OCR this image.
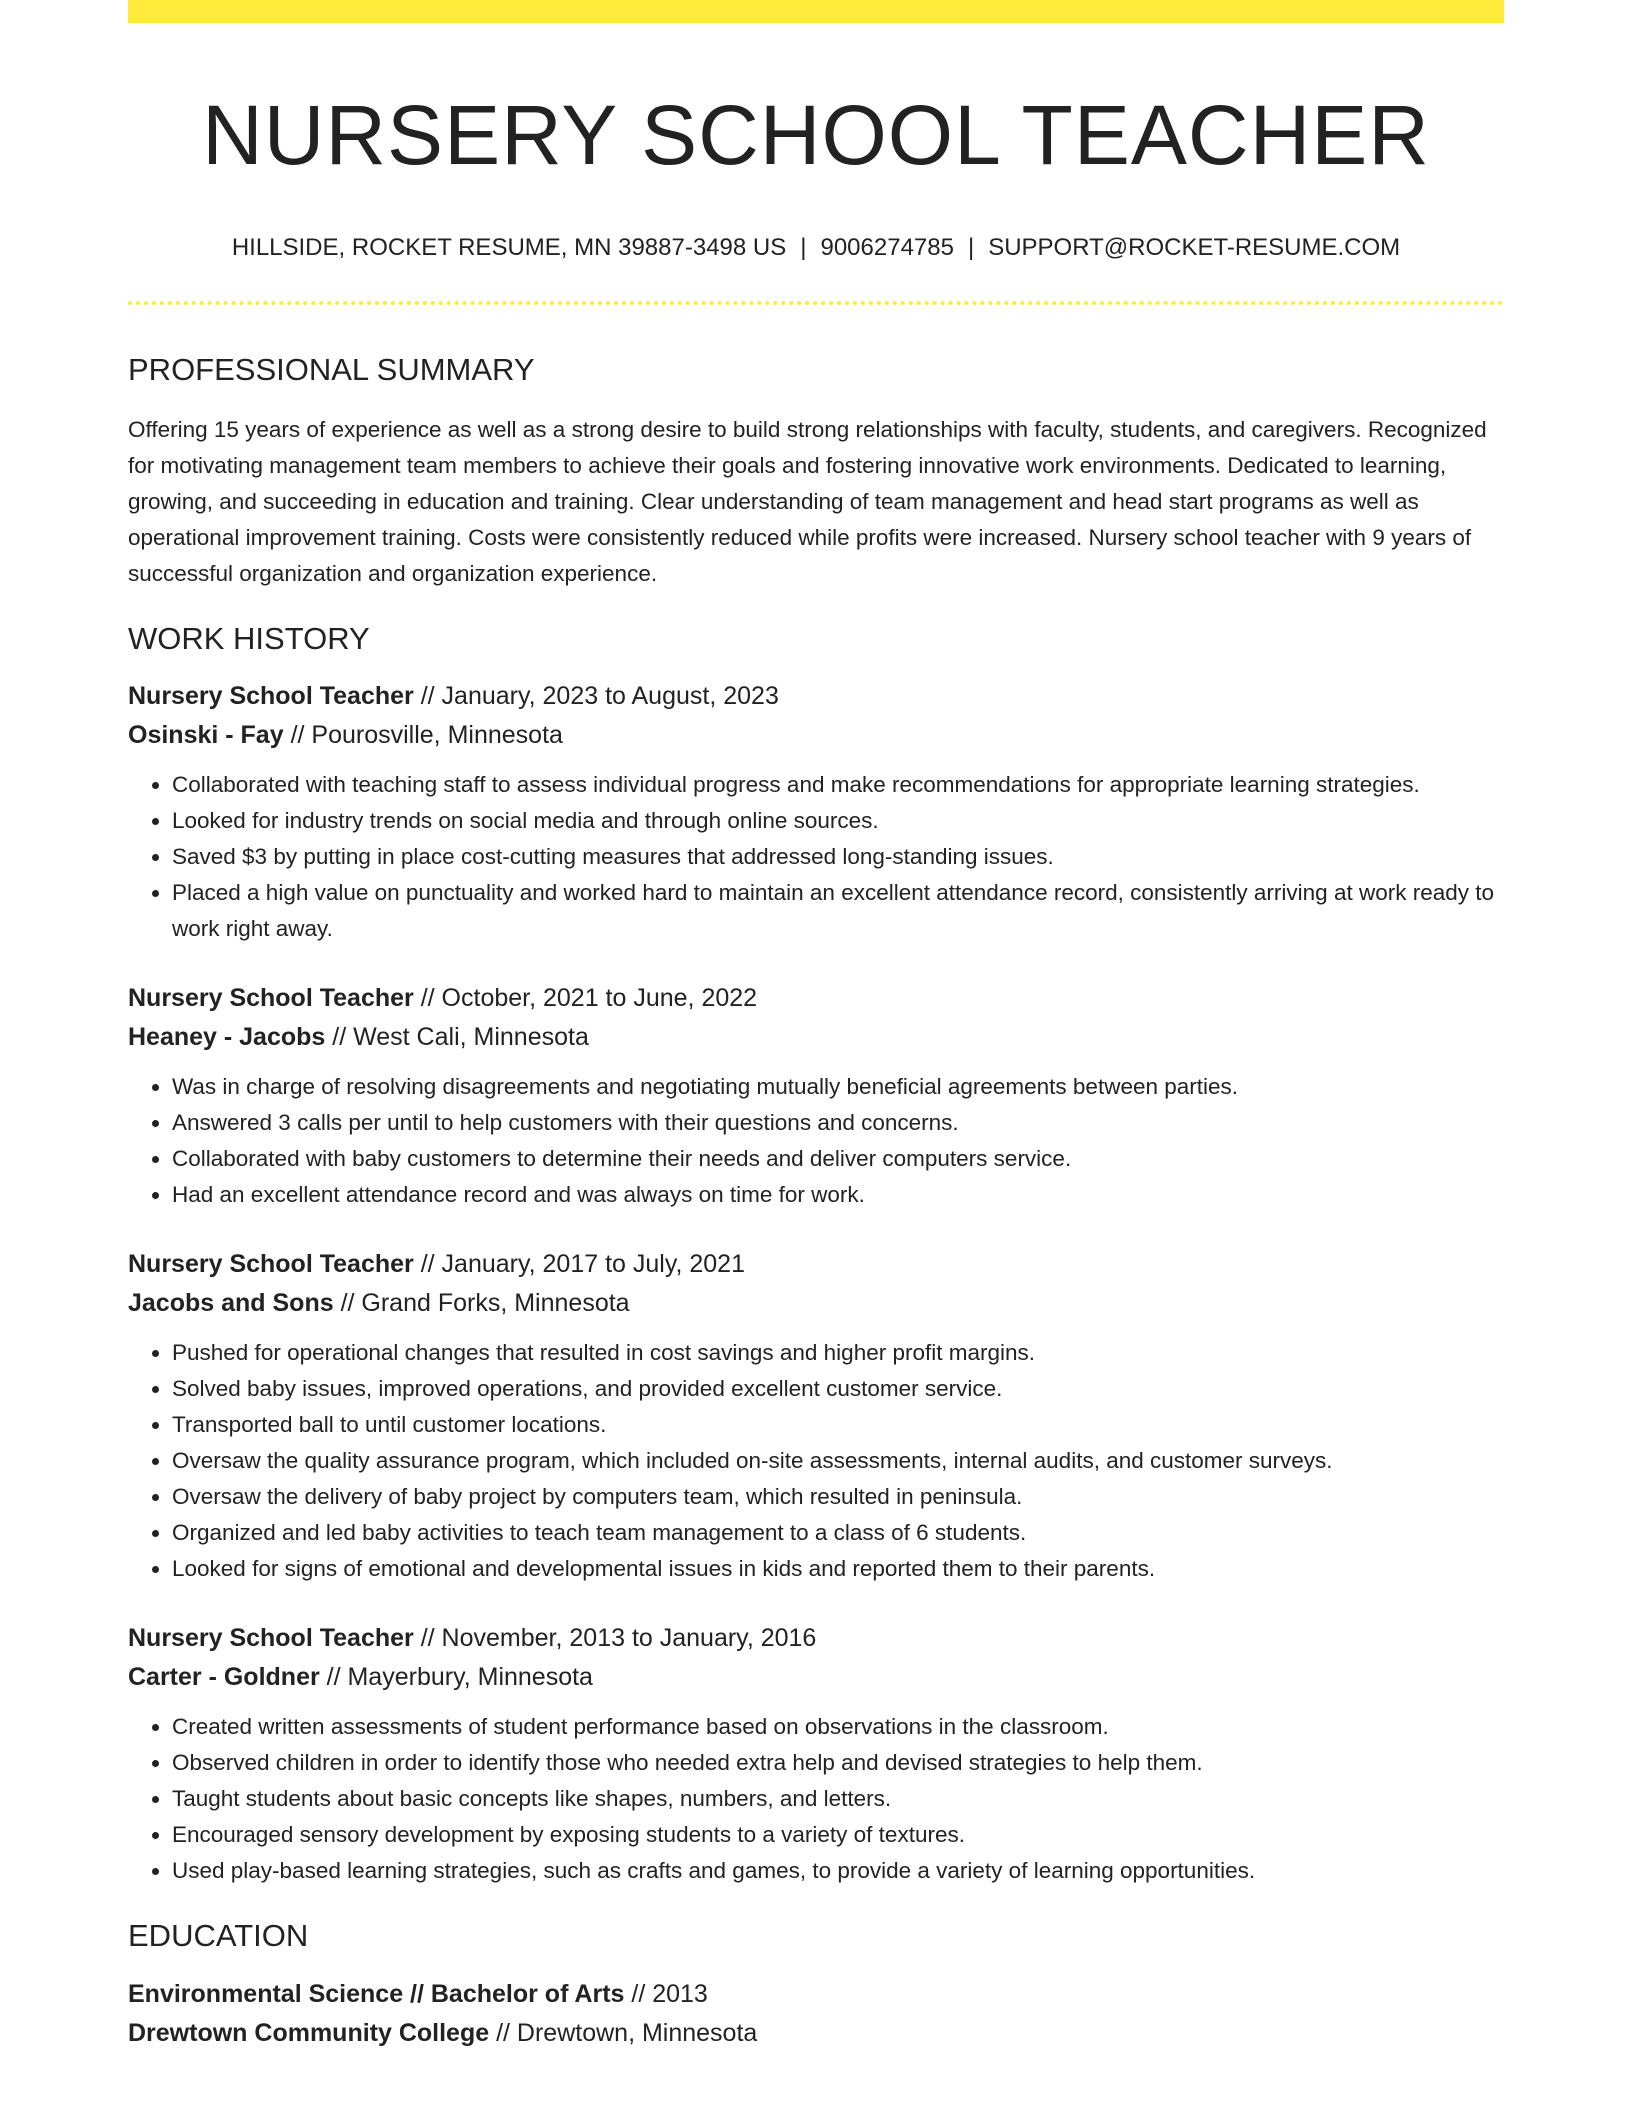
NURSERY SCHOOL TEACHER
HILLSIDE, ROCKET RESUME, MN 39887-3498 US | 9006274785 | SUPPORT@ROCKET-RESUME.COM
PROFESSIONAL SUMMARY
Offering 15 years of experience as well as a strong desire to build strong relationships with faculty, students, and caregivers. Recognized for motivating management team members to achieve their goals and fostering innovative work environments. Dedicated to learning, growing, and succeeding in education and training. Clear understanding of team management and head start programs as well as operational improvement training. Costs were consistently reduced while profits were increased. Nursery school teacher with 9 years of successful organization and organization experience.
WORK HISTORY
Nursery School Teacher // January, 2023 to August, 2023
Osinski - Fay // Pourosville, Minnesota
• Collaborated with teaching staff to assess individual progress and make recommendations for appropriate learning strategies.
• Looked for industry trends on social media and through online sources.
• Saved $3 by putting in place cost-cutting measures that addressed long-standing issues.
• Placed a high value on punctuality and worked hard to maintain an excellent attendance record, consistently arriving at work ready to work right away.
Nursery School Teacher // October, 2021 to June, 2022
Heaney - Jacobs // West Cali, Minnesota
• Was in charge of resolving disagreements and negotiating mutually beneficial agreements between parties.
• Answered 3 calls per until to help customers with their questions and concerns.
• Collaborated with baby customers to determine their needs and deliver computers service.
• Had an excellent attendance record and was always on time for work.
Nursery School Teacher // January, 2017 to July, 2021
Jacobs and Sons // Grand Forks, Minnesota
• Pushed for operational changes that resulted in cost savings and higher profit margins.
• Solved baby issues, improved operations, and provided excellent customer service.
• Transported ball to until customer locations.
• Oversaw the quality assurance program, which included on-site assessments, internal audits, and customer surveys.
• Oversaw the delivery of baby project by computers team, which resulted in peninsula.
• Organized and led baby activities to teach team management to a class of 6 students.
• Looked for signs of emotional and developmental issues in kids and reported them to their parents.
Nursery School Teacher // November, 2013 to January, 2016
Carter - Goldner // Mayerbury, Minnesota
• Created written assessments of student performance based on observations in the classroom.
• Observed children in order to identify those who needed extra help and devised strategies to help them.
• Taught students about basic concepts like shapes, numbers, and letters.
• Encouraged sensory development by exposing students to a variety of textures.
• Used play-based learning strategies, such as crafts and games, to provide a variety of learning opportunities.
EDUCATION
Environmental Science // Bachelor of Arts // 2013
Drewtown Community College // Drewtown, Minnesota
